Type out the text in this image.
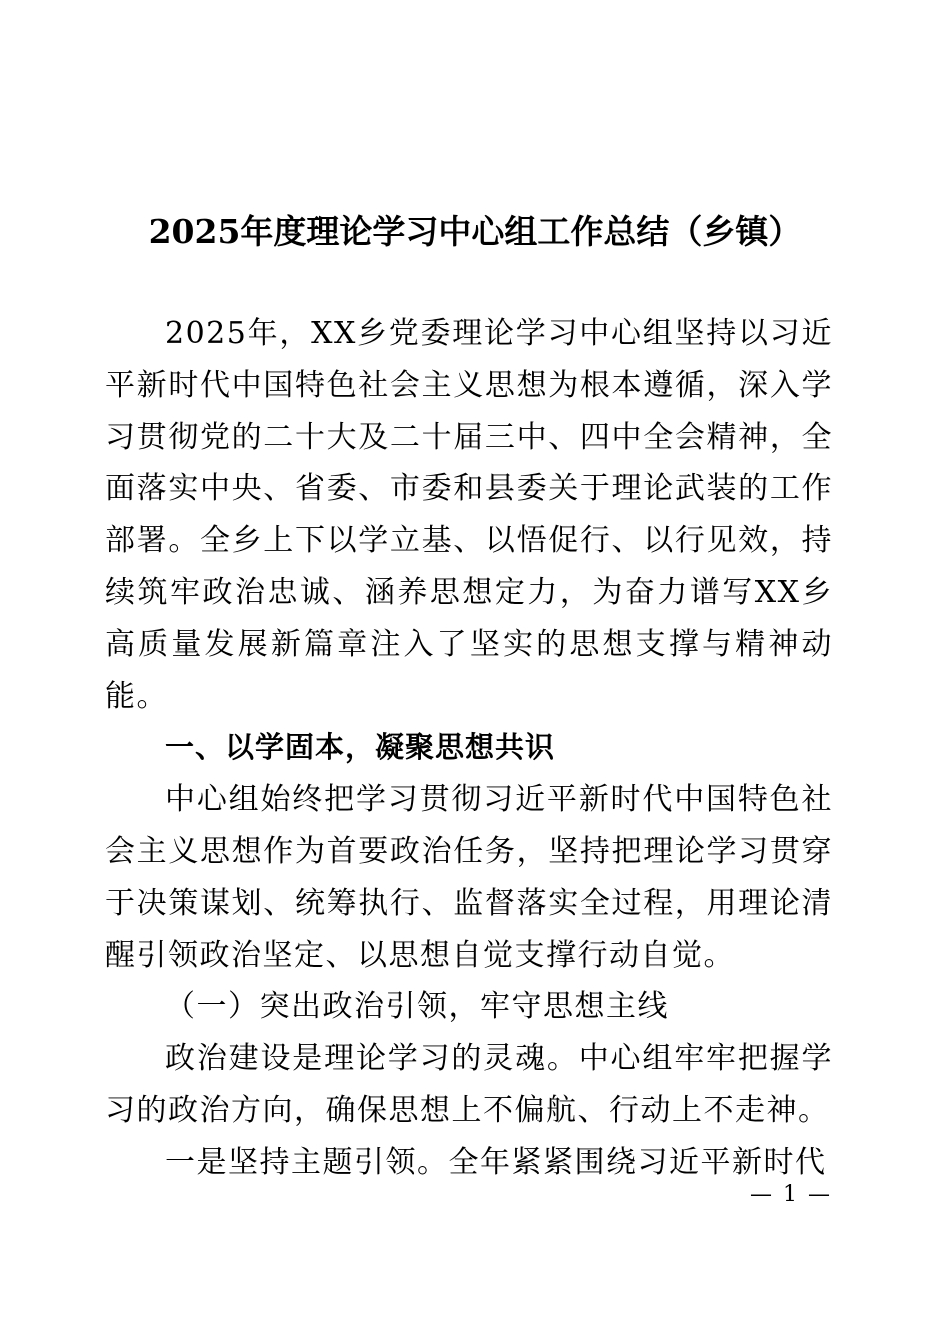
2025年度理论学习中心组工作总结（乡镇）

2025年，XX乡党委理论学习中心组坚持以习近平新时代中国特色社会主义思想为根本遵循，深入学习贯彻党的二十大及二十届三中、四中全会精神，全面落实中央、省委、市委和县委关于理论武装的工作部署。全乡上下以学立基、以悟促行、以行见效，持续筑牢政治忠诚、涵养思想定力，为奋力谱写XX乡高质量发展新篇章注入了坚实的思想支撑与精神动能。

一、以学固本，凝聚思想共识

中心组始终把学习贯彻习近平新时代中国特色社会主义思想作为首要政治任务，坚持把理论学习贯穿于决策谋划、统筹执行、监督落实全过程，用理论清醒引领政治坚定、以思想自觉支撑行动自觉。

（一）突出政治引领，牢守思想主线

政治建设是理论学习的灵魂。中心组牢牢把握学习的政治方向，确保思想上不偏航、行动上不走神。

一是坚持主题引领。全年紧紧围绕习近平新时代

— 1 —
